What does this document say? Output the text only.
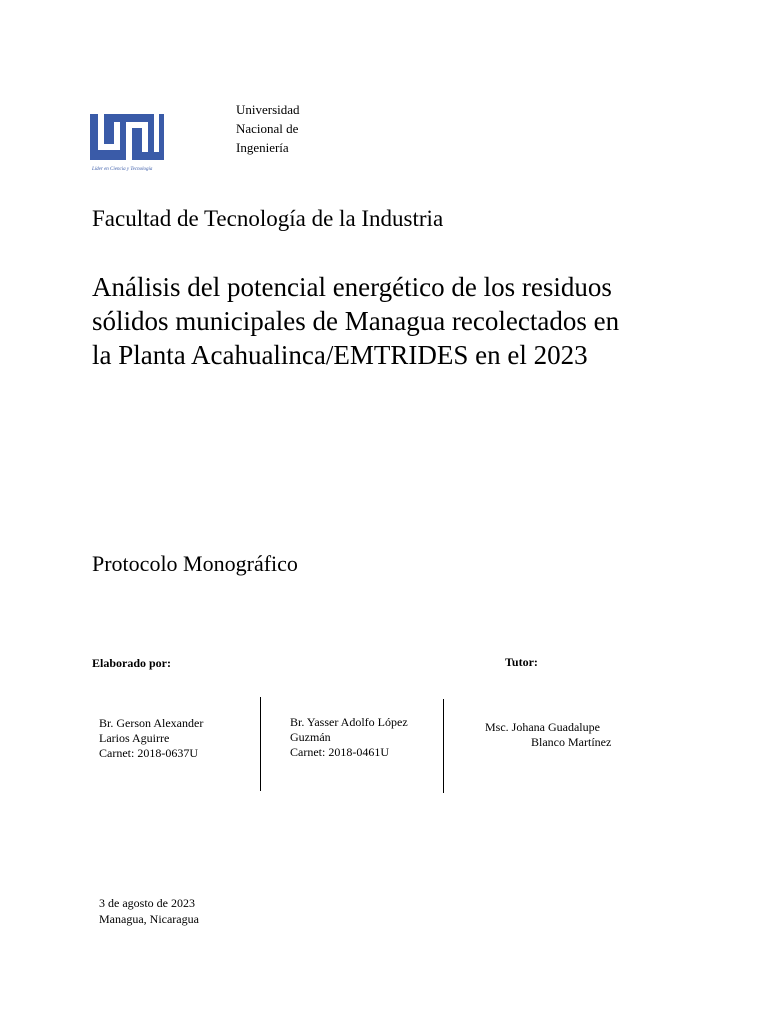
Líder en Ciencia y Tecnología
Universidad
Nacional de
Ingeniería
Facultad de Tecnología de la Industria
Análisis del potencial energético de los residuos
sólidos municipales de Managua recolectados en
la Planta Acahualinca/EMTRIDES en el 2023
Protocolo Monográfico
Elaborado por:	Tutor:
Br. Gerson Alexander
Larios Aguirre
Carnet: 2018-0637U
Br. Yasser Adolfo López
Guzmán
Carnet: 2018-0461U
Msc. Johana Guadalupe
Blanco Martínez
3 de agosto de 2023
Managua, Nicaragua
